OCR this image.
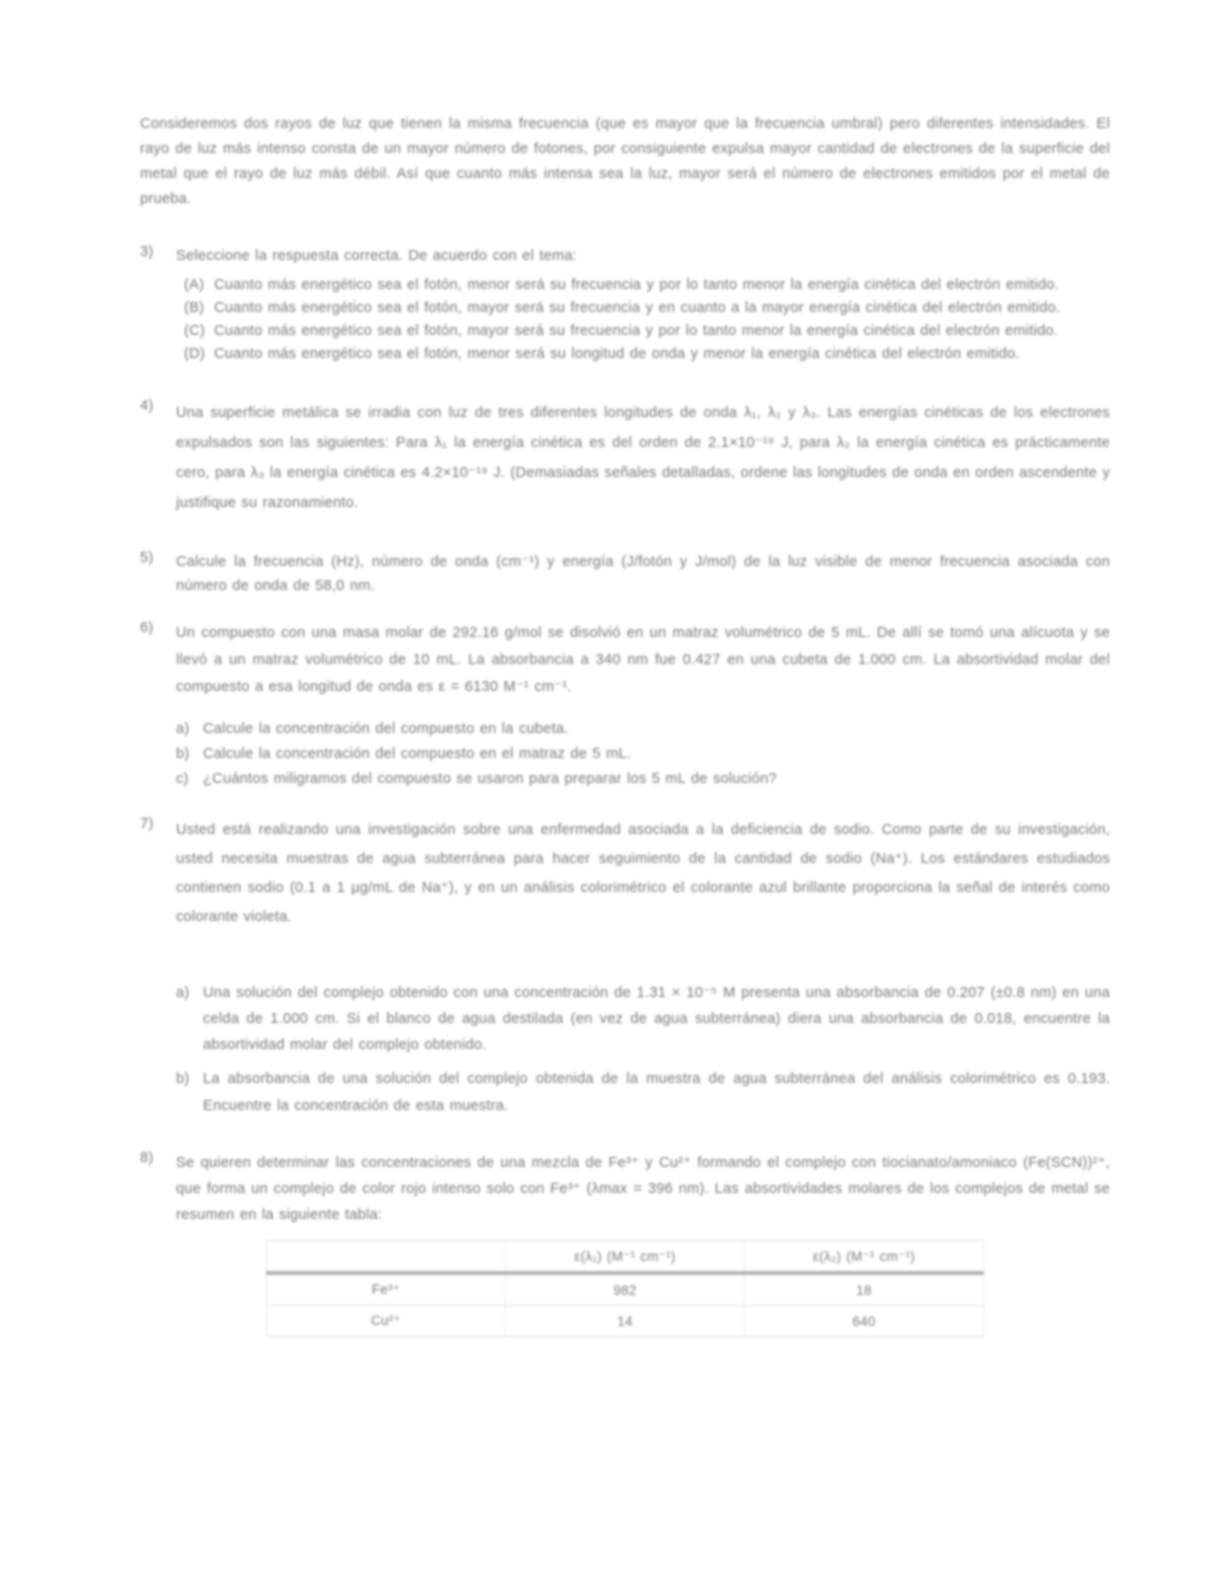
Consideremos dos rayos de luz que tienen la misma frecuencia (que es mayor que la frecuencia umbral) pero diferentes intensidades. El rayo de luz más intenso consta de un mayor número de fotones, por consiguiente expulsa mayor cantidad de electrones de la superficie del metal que el rayo de luz más débil. Así que cuanto más intensa sea la luz, mayor será el número de electrones emitidos por el metal de prueba.

3)	Seleccione la respuesta correcta. De acuerdo con el tema:
(A) Cuanto más energético sea el fotón, menor será su frecuencia y por lo tanto menor la energía cinética del electrón emitido.
(B) Cuanto más energético sea el fotón, mayor será su frecuencia y en cuanto a la mayor energía cinética del electrón emitido.
(C) Cuanto más energético sea el fotón, mayor será su frecuencia y por lo tanto menor la energía cinética del electrón emitido.
(D) Cuanto más energético sea el fotón, menor será su longitud de onda y menor la energía cinética del electrón emitido.
4)	Una superficie metálica se irradia con luz de tres diferentes longitudes de onda λ₁, λ₂ y λ₃. Las energías cinéticas de los electrones expulsados son las siguientes: Para λ₁ la energía cinética es del orden de 2.1×10⁻¹⁹ J, para λ₂ la energía cinética es prácticamente cero, para λ₃ la energía cinética es 4.2×10⁻¹⁹ J. (Demasiadas señales detalladas, ordene las longitudes de onda en orden ascendente y justifique su razonamiento.
5)	Calcule la frecuencia (Hz), número de onda (cm⁻¹) y energía (J/fotón y J/mol) de la luz visible de menor frecuencia asociada con número de onda de 58,0 nm.
6)	Un compuesto con una masa molar de 292.16 g/mol se disolvió en un matraz volumétrico de 5 mL. De allí se tomó una alícuota y se llevó a un matraz volumétrico de 10 mL. La absorbancia a 340 nm fue 0.427 en una cubeta de 1.000 cm. La absortividad molar del compuesto a esa longitud de onda es ε = 6130 M⁻¹ cm⁻¹.
a) Calcule la concentración del compuesto en la cubeta.
b) Calcule la concentración del compuesto en el matraz de 5 mL.
c) ¿Cuántos miligramos del compuesto se usaron para preparar los 5 mL de solución?
7)	Usted está realizando una investigación sobre una enfermedad asociada a la deficiencia de sodio. Como parte de su investigación, usted necesita muestras de agua subterránea para hacer seguimiento de la cantidad de sodio (Na⁺). Los estándares estudiados contienen sodio (0.1 a 1 µg/mL de Na⁺), y en un análisis colorimétrico el colorante azul brillante proporciona la señal de interés como colorante violeta.
a) Una solución del complejo obtenido con una concentración de 1.31 × 10⁻⁵ M presenta una absorbancia de 0.207 (±0.8 nm) en una celda de 1.000 cm. Si el blanco de agua destilada (en vez de agua subterránea) diera una absorbancia de 0.018, encuentre la absortividad molar del complejo obtenido.
b) La absorbancia de una solución del complejo obtenida de la muestra de agua subterránea del análisis colorimétrico es 0.193. Encuentre la concentración de esta muestra.
8)	Se quieren determinar las concentraciones de una mezcla de Fe³⁺ y Cu²⁺ formando el complejo con tiocianato/amoniaco (Fe(SCN))²⁺, que forma un complejo de color rojo intenso solo con Fe³⁺ (λmax = 396 nm). Las absortividades molares de los complejos de metal se resumen en la siguiente tabla:
	ε(λ₁) (M⁻¹ cm⁻¹)	ε(λ₂) (M⁻¹ cm⁻¹)
Fe³⁺	982	18
Cu²⁺	14	640
